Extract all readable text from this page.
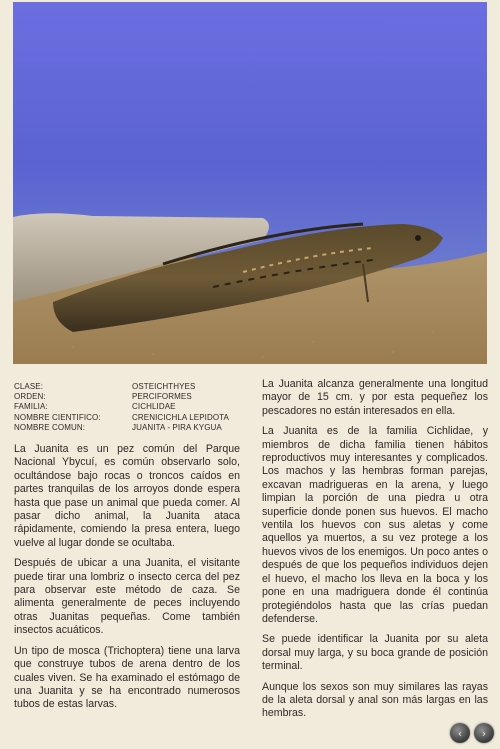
CLASE:	OSTEICHTHYES
ORDEN:	PERCIFORMES
FAMILIA:	CICHLIDAE
NOMBRE CIENTIFICO:	CRENICICHLA LEPIDOTA
NOMBRE COMUN:	JUANITA - PIRA KYGUA

La Juanita es un pez común del Parque Nacional Ybycuí, es común observarlo solo, ocultándose bajo rocas o troncos caídos en partes tranquilas de los arroyos donde espera hasta que pase un animal que pueda comer. Al pasar dicho animal, la Juanita ataca rápidamente, comiendo la presa entera, luego vuelve al lugar donde se ocultaba.

Después de ubicar a una Juanita, el visitante puede tirar una lombriz o insecto cerca del pez para observar este método de caza. Se alimenta generalmente de peces incluyendo otras Juanitas pequeñas. Come también insectos acuáticos.

Un tipo de mosca (Trichoptera) tiene una larva que construye tubos de arena dentro de los cuales viven. Se ha examinado el estómago de una Juanita y se ha encontrado numerosos tubos de estas larvas.

La Juanita alcanza generalmente una longitud mayor de 15 cm. y por esta pequeñez los pescadores no están interesados en ella.

La Juanita es de la familia Cichlidae, y miembros de dicha familia tienen hábitos reproductivos muy interesantes y complicados. Los machos y las hembras forman parejas, excavan madrigueras en la arena, y luego limpian la porción de una piedra u otra superficie donde ponen sus huevos. El macho ventila los huevos con sus aletas y come aquellos ya muertos, a su vez protege a los huevos vivos de los enemigos. Un poco antes o después de que los pequeños individuos dejen el huevo, el macho los lleva en la boca y los pone en una madriguera donde él continúa protegiéndolos hasta que las crías puedan defenderse.

Se puede identificar la Juanita por su aleta dorsal muy larga, y su boca grande de posición terminal.

Aunque los sexos son muy similares las rayas de la aleta dorsal y anal son más largas en las hembras.

‹	›
